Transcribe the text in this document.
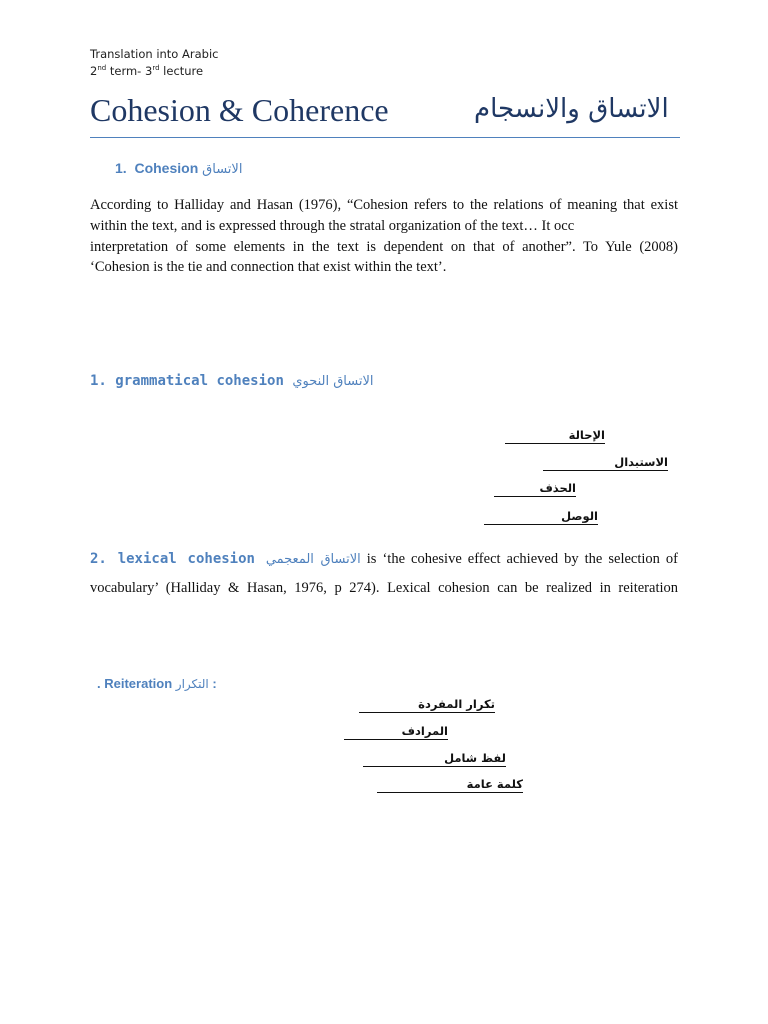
Translation into Arabic
2nd term- 3rd lecture
Cohesion & Coherence	الاتساق والانسجام
1. Cohesion الاتساق
According to Halliday and Hasan (1976), “Cohesion refers to the relations of meaning that exist
within the text, and is expressed through the stratal organization of the text… It occ
interpretation of some elements in the text is dependent on that of another”. To Yule (2008)
‘Cohesion is the tie and connection that exist within the text’.
1. grammatical cohesion الاتساق النحوي
الإحالة
الاستبدال
الحذف
الوصل
2. lexical cohesion الاتساق المعجمي is ‘the cohesive effect achieved by the selection of
vocabulary’ (Halliday & Hasan, 1976, p 274). Lexical cohesion can be realized in reiteration
. Reiteration التكرار :
تكرار المفردة
المرادف
لفظ شامل
كلمة عامة
